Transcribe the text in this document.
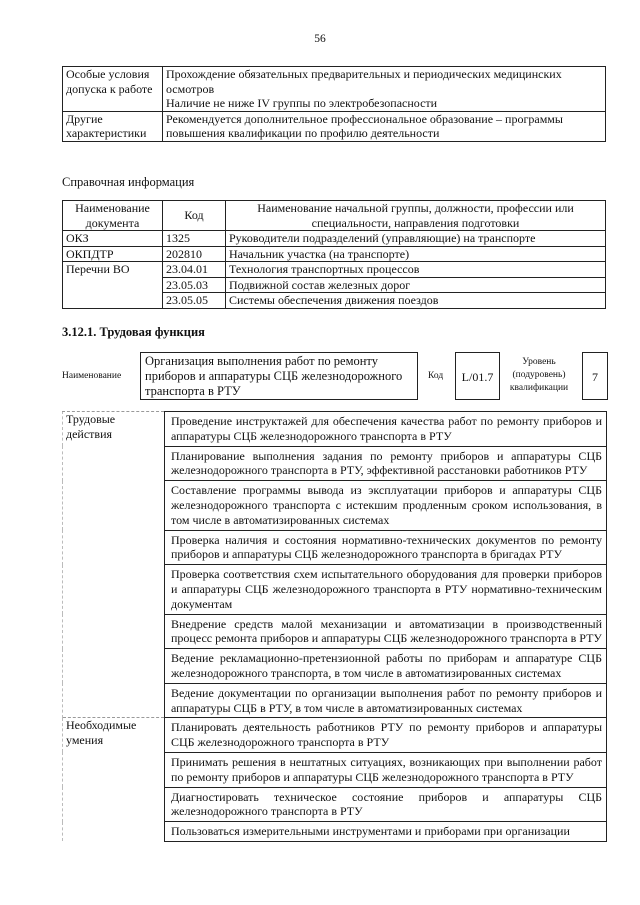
56
Особые условия допуска к работе	Прохождение обязательных предварительных и периодических медицинских осмотров

Наличие не ниже IV группы по электробезопасности

Другие характеристики	Рекомендуется дополнительное профессиональное образование – программы повышения квалификации по профилю деятельности

Справочная информация
Наименование документа	Код	Наименование начальной группы, должности, профессии или специальности, направления подготовки
ОКЗ	1325	Руководители подразделений (управляющие) на транспорте
ОКПДТР	202810	Начальник участка (на транспорте)
Перечни ВО	23.04.01	Технология транспортных процессов
	23.05.03	Подвижной состав железных дорог
	23.05.05	Системы обеспечения движения поездов
3.12.1. Трудовая функция
Наименование
Организация выполнения работ по ремонту приборов и аппаратуры СЦБ железнодорожного транспорта в РТУ
Код	L/01.7
Уровень (подуровень) квалификации
7
Трудовые действия	Проведение инструктажей для обеспечения качества работ по ремонту приборов и аппаратуры СЦБ железнодорожного транспорта в РТУ

	Планирование выполнения задания по ремонту приборов и аппаратуры СЦБ железнодорожного транспорта в РТУ, эффективной расстановки работников РТУ

	Составление программы вывода из эксплуатации приборов и аппаратуры СЦБ железнодорожного транспорта с истекшим продленным сроком использования, в том числе в автоматизированных системах

	Проверка наличия и состояния нормативно-технических документов по ремонту приборов и аппаратуры СЦБ железнодорожного транспорта в бригадах РТУ

	Проверка соответствия схем испытательного оборудования для проверки приборов и аппаратуры СЦБ железнодорожного транспорта в РТУ нормативно-техническим документам

	Внедрение средств малой механизации и автоматизации в производственный процесс ремонта приборов и аппаратуры СЦБ железнодорожного транспорта в РТУ

	Ведение рекламационно-претензионной работы по приборам и аппаратуре СЦБ железнодорожного транспорта, в том числе в автоматизированных системах

	Ведение документации по организации выполнения работ по ремонту приборов и аппаратуры СЦБ в РТУ, в том числе в автоматизированных системах

Необходимые умения	Планировать деятельность работников РТУ по ремонту приборов и аппаратуры СЦБ железнодорожного транспорта в РТУ

	Принимать решения в нештатных ситуациях, возникающих при выполнении работ по ремонту приборов и аппаратуры СЦБ железнодорожного транспорта в РТУ

	Диагностировать техническое состояние приборов и аппаратуры СЦБ железнодорожного транспорта в РТУ

	Пользоваться измерительными инструментами и приборами при организации
